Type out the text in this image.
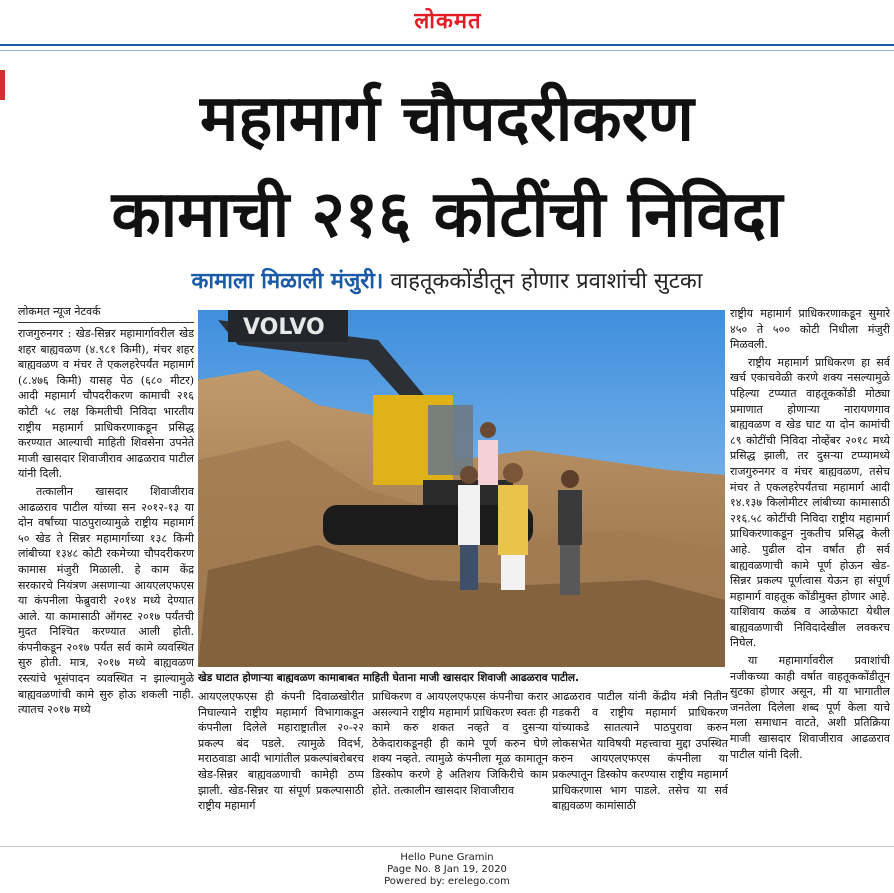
लोकमत
महामार्ग चौपदरीकरण
कामाची २१६ कोटींची निविदा
कामाला मिळाली मंजुरी। वाहतूककोंडीतून होणार प्रवाशांची सुटका
लोकमत न्यूज नेटवर्क

राजगुरुनगर : खेड-सिन्नर महामार्गावरील खेड शहर बाह्यवळण (४.९८१ किमी), मंचर शहर बाह्यवळण व मंचर ते एकलहरेपर्यंत महामार्ग (८.४७६ किमी) यासह पेठ (६८० मीटर) आदी महामार्ग चौपदरीकरण कामाची २१६ कोटी ५८ लक्ष किमतीची निविदा भारतीय राष्ट्रीय महामार्ग प्राधिकरणाकडून प्रसिद्ध करण्यात आल्याची माहिती शिवसेना उपनेते माजी खासदार शिवाजीराव आढळराव पाटील यांनी दिली.

तत्कालीन खासदार शिवाजीराव आढळराव पाटील यांच्या सन २०१२-१३ या दोन वर्षांच्या पाठपुराव्यामुळे राष्ट्रीय महामार्ग ५० खेड ते सिन्नर महामार्गाच्या १३८ किमी लांबीच्या १३४८ कोटी रकमेच्या चौपदरीकरण कामास मंजुरी मिळाली. हे काम केंद्र सरकारचे नियंत्रण असणाऱ्या आयएलएफएस या कंपनीला फेब्रुवारी २०१४ मध्ये देण्यात आले. या कामासाठी ऑगस्ट २०१७ पर्यंतची मुदत निश्चित करण्यात आली होती. कंपनीकडून २०१७ पर्यंत सर्व कामे व्यवस्थित सुरु होती. मात्र, २०१७ मध्ये बाह्यवळण रस्त्यांचे भूसंपादन व्यवस्थित न झाल्यामुळे बाह्यवळणांची कामे सुरु होऊ शकली नाही. त्यातच २०१७ मध्ये

VOLVO
खेड घाटात होणाऱ्या बाह्यवळण कामाबाबत माहिती घेताना माजी खासदार शिवाजी आढळराव पाटील.

आयएलएफएस ही कंपनी दिवाळखोरीत निघाल्याने राष्ट्रीय महामार्ग विभागाकडून कंपनीला दिलेले महाराष्ट्रातील २०-२२ प्रकल्प बंद पडले. त्यामुळे विदर्भ, मराठवाडा आदी भागांतील प्रकल्पांबरोबरच खेड-सिन्नर बाह्यवळणाची कामेही ठप्प झाली. खेड-सिन्नर या संपूर्ण प्रकल्पासाठी राष्ट्रीय महामार्ग

प्राधिकरण व आयएलएफएस कंपनीचा करार असल्याने राष्ट्रीय महामार्ग प्राधिकरण स्वतः ही कामे करु शकत नव्हते व दुसऱ्या ठेकेदाराकडूनही ही कामे पूर्ण करुन घेणे शक्य नव्हते. त्यामुळे कंपनीला मूळ कामातून डिस्कोप करणे हे अतिशय जिकिरीचे काम होते. तत्कालीन खासदार शिवाजीराव

आढळराव पाटील यांनी केंद्रीय मंत्री नितीन गडकरी व राष्ट्रीय महामार्ग प्राधिकरण यांच्याकडे सातत्याने पाठपुरावा करुन लोकसभेत याविषयी महत्त्वाचा मुद्दा उपस्थित करुन आयएलएफएस कंपनीला या प्रकल्पातून डिस्कोप करण्यास राष्ट्रीय महामार्ग प्राधिकरणास भाग पाडले. तसेच या सर्व बाह्यवळण कामांसाठी

राष्ट्रीय महामार्ग प्राधिकरणाकडून सुमारे ४५० ते ५०० कोटी निधीला मंजुरी मिळवली.

राष्ट्रीय महामार्ग प्राधिकरण हा सर्व खर्च एकाचवेळी करणे शक्य नसल्यामुळे पहिल्या टप्प्यात वाहतूककोंडी मोठ्या प्रमाणात होणाऱ्या नारायणगाव बाह्यवळण व खेड घाट या दोन कामांची ८९ कोटींची निविदा नोव्हेंबर २०१८ मध्ये प्रसिद्ध झाली, तर दुसऱ्या टप्प्यामध्ये राजगुरुनगर व मंचर बाह्यवळण, तसेच मंचर ते एकलहरेपर्यंतचा महामार्ग आदी १४.१३७ किलोमीटर लांबीच्या कामासाठी २१६.५८ कोटींची निविदा राष्ट्रीय महामार्ग प्राधिकरणाकडून नुकतीच प्रसिद्ध केली आहे. पुढील दोन वर्षांत ही सर्व बाह्यवळणाची कामे पूर्ण होऊन खेड-सिन्नर प्रकल्प पूर्णत्वास येऊन हा संपूर्ण महामार्ग वाहतूक कोंडीमुक्त होणार आहे. याशिवाय कळंब व आळेफाटा येथील बाह्यवळणाची निविदादेखील लवकरच निघेल.

या महामार्गावरील प्रवाशांची नजीकच्या काही वर्षात वाहतूककोंडीतून सुटका होणार असून, मी या भागातील जनतेला दिलेला शब्द पूर्ण केला याचे मला समाधान वाटते, अशी प्रतिक्रिया माजी खासदार शिवाजीराव आढळराव पाटील यांनी दिली.

Hello Pune Gramin
Page No. 8 Jan 19, 2020
Powered by: erelego.com
